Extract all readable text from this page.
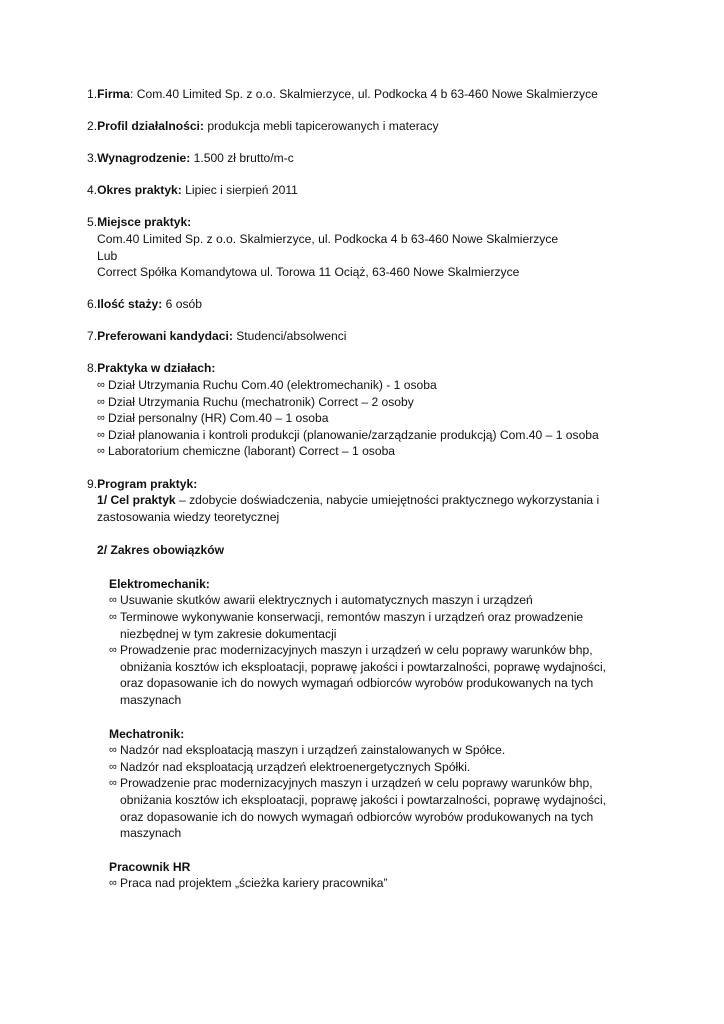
1.Firma: Com.40 Limited Sp. z o.o. Skalmierzyce, ul. Podkocka 4 b 63-460 Nowe Skalmierzyce
2.Profil działalności: produkcja mebli tapicerowanych i materacy
3.Wynagrodzenie: 1.500 zł brutto/m-c
4.Okres praktyk: Lipiec i sierpień 2011
5.Miejsce praktyk:
Com.40 Limited Sp. z o.o. Skalmierzyce, ul. Podkocka 4 b 63-460 Nowe Skalmierzyce
Lub
Correct Spółka Komandytowa ul. Torowa 11 Ociąż, 63-460 Nowe Skalmierzyce
6.Ilość staży: 6 osób
7.Preferowani kandydaci: Studenci/absolwenci
8.Praktyka w działach:
∞ Dział Utrzymania Ruchu Com.40 (elektromechanik) - 1 osoba
∞ Dział Utrzymania Ruchu (mechatronik) Correct – 2 osoby
∞ Dział personalny (HR) Com.40 – 1 osoba
∞ Dział planowania i kontroli produkcji (planowanie/zarządzanie produkcją) Com.40 – 1 osoba
∞ Laboratorium chemiczne (laborant) Correct – 1 osoba
9.Program praktyk:
1/ Cel praktyk – zdobycie doświadczenia, nabycie umiejętności praktycznego wykorzystania i
zastosowania wiedzy teoretycznej
2/ Zakres obowiązków
Elektromechanik:
∞ Usuwanie skutków awarii elektrycznych i automatycznych maszyn i urządzeń
∞ Terminowe wykonywanie konserwacji, remontów maszyn i urządzeń oraz prowadzenie
niezbędnej w tym zakresie dokumentacji
∞ Prowadzenie prac modernizacyjnych maszyn i urządzeń w celu poprawy warunków bhp,
obniżania kosztów ich eksploatacji, poprawę jakości i powtarzalności, poprawę wydajności,
oraz dopasowanie ich do nowych wymagań odbiorców wyrobów produkowanych na tych
maszynach
Mechatronik:
∞ Nadzór nad eksploatacją maszyn i urządzeń zainstalowanych w Spółce.
∞ Nadzór nad eksploatacją urządzeń elektroenergetycznych Spółki.
∞ Prowadzenie prac modernizacyjnych maszyn i urządzeń w celu poprawy warunków bhp,
obniżania kosztów ich eksploatacji, poprawę jakości i powtarzalności, poprawę wydajności,
oraz dopasowanie ich do nowych wymagań odbiorców wyrobów produkowanych na tych
maszynach
Pracownik HR
∞ Praca nad projektem „ścieżka kariery pracownika”
